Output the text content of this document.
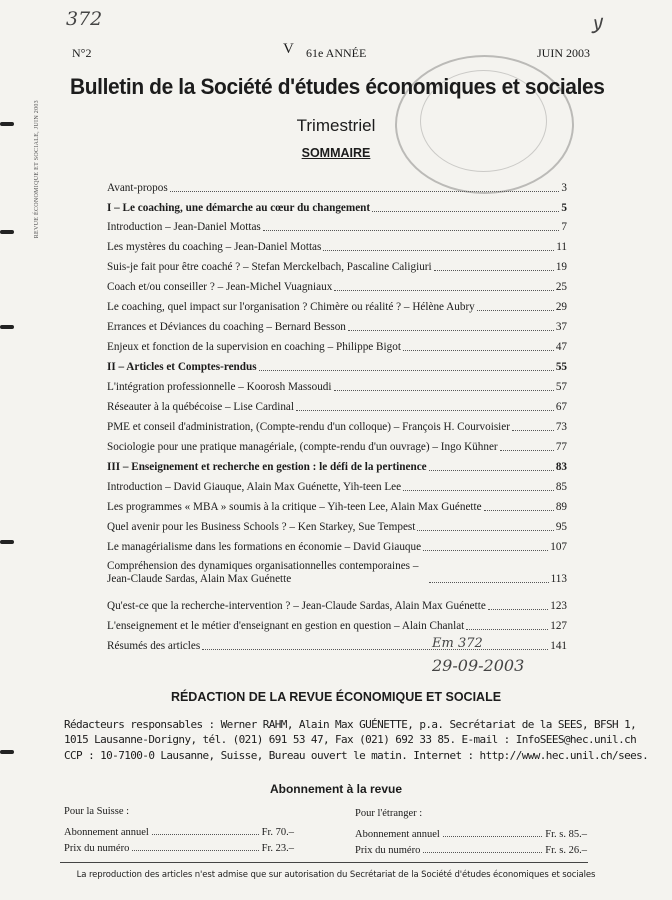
REVUE ÉCONOMIQUE ET SOCIALE, JUIN 2003
372	لا
N°2	V 61e ANNÉE	JUIN 2003
Bulletin de la Société d'études économiques et sociales
Trimestriel
SOMMAIRE
Avant-propos	3
I – Le coaching, une démarche au cœur du changement	5
Introduction – Jean-Daniel Mottas	7
Les mystères du coaching – Jean-Daniel Mottas	11
Suis-je fait pour être coaché ? – Stefan Merckelbach, Pascaline Caligiuri	19
Coach et/ou conseiller ? – Jean-Michel Vuagniaux	25
Le coaching, quel impact sur l'organisation ? Chimère ou réalité ? – Hélène Aubry	29
Errances et Déviances du coaching – Bernard Besson	37
Enjeux et fonction de la supervision en coaching – Philippe Bigot	47
II – Articles et Comptes-rendus	55
L'intégration professionnelle – Koorosh Massoudi	57
Réseauter à la québécoise – Lise Cardinal	67
PME et conseil d'administration, (Compte-rendu d'un colloque) – François H. Courvoisier	73
Sociologie pour une pratique managériale, (compte-rendu d'un ouvrage) – Ingo Kühner	77
III – Enseignement et recherche en gestion : le défi de la pertinence	83
Introduction – David Giauque, Alain Max Guénette, Yih-teen Lee	85
Les programmes « MBA » soumis à la critique – Yih-teen Lee, Alain Max Guénette	89
Quel avenir pour les Business Schools ? – Ken Starkey, Sue Tempest	95
Le managérialisme dans les formations en économie – David Giauque	107
Compréhension des dynamiques organisationnelles contemporaines – Jean-Claude Sardas, Alain Max Guénette	113
Qu'est-ce que la recherche-intervention ? – Jean-Claude Sardas, Alain Max Guénette	123
L'enseignement et le métier d'enseignant en gestion en question – Alain Chanlat	127
Résumés des articles	141
Em 372
29-09-2003
RÉDACTION DE LA REVUE ÉCONOMIQUE ET SOCIALE
Rédacteurs responsables : Werner RAHM, Alain Max GUÉNETTE, p.a. Secrétariat de la SEES, BFSH 1,
1015 Lausanne-Dorigny, tél. (021) 691 53 47, Fax (021) 692 33 85. E-mail : InfoSEES@hec.unil.ch
CCP : 10-7100-0 Lausanne, Suisse, Bureau ouvert le matin. Internet : http://www.hec.unil.ch/sees.
Abonnement à la revue
Pour la Suisse :
Abonnement annuel	Fr. 70.–
Prix du numéro	Fr. 23.–
Pour l'étranger :
Abonnement annuel	Fr. s. 85.–
Prix du numéro	Fr. s. 26.–
La reproduction des articles n'est admise que sur autorisation du Secrétariat de la Société d'études économiques et sociales
